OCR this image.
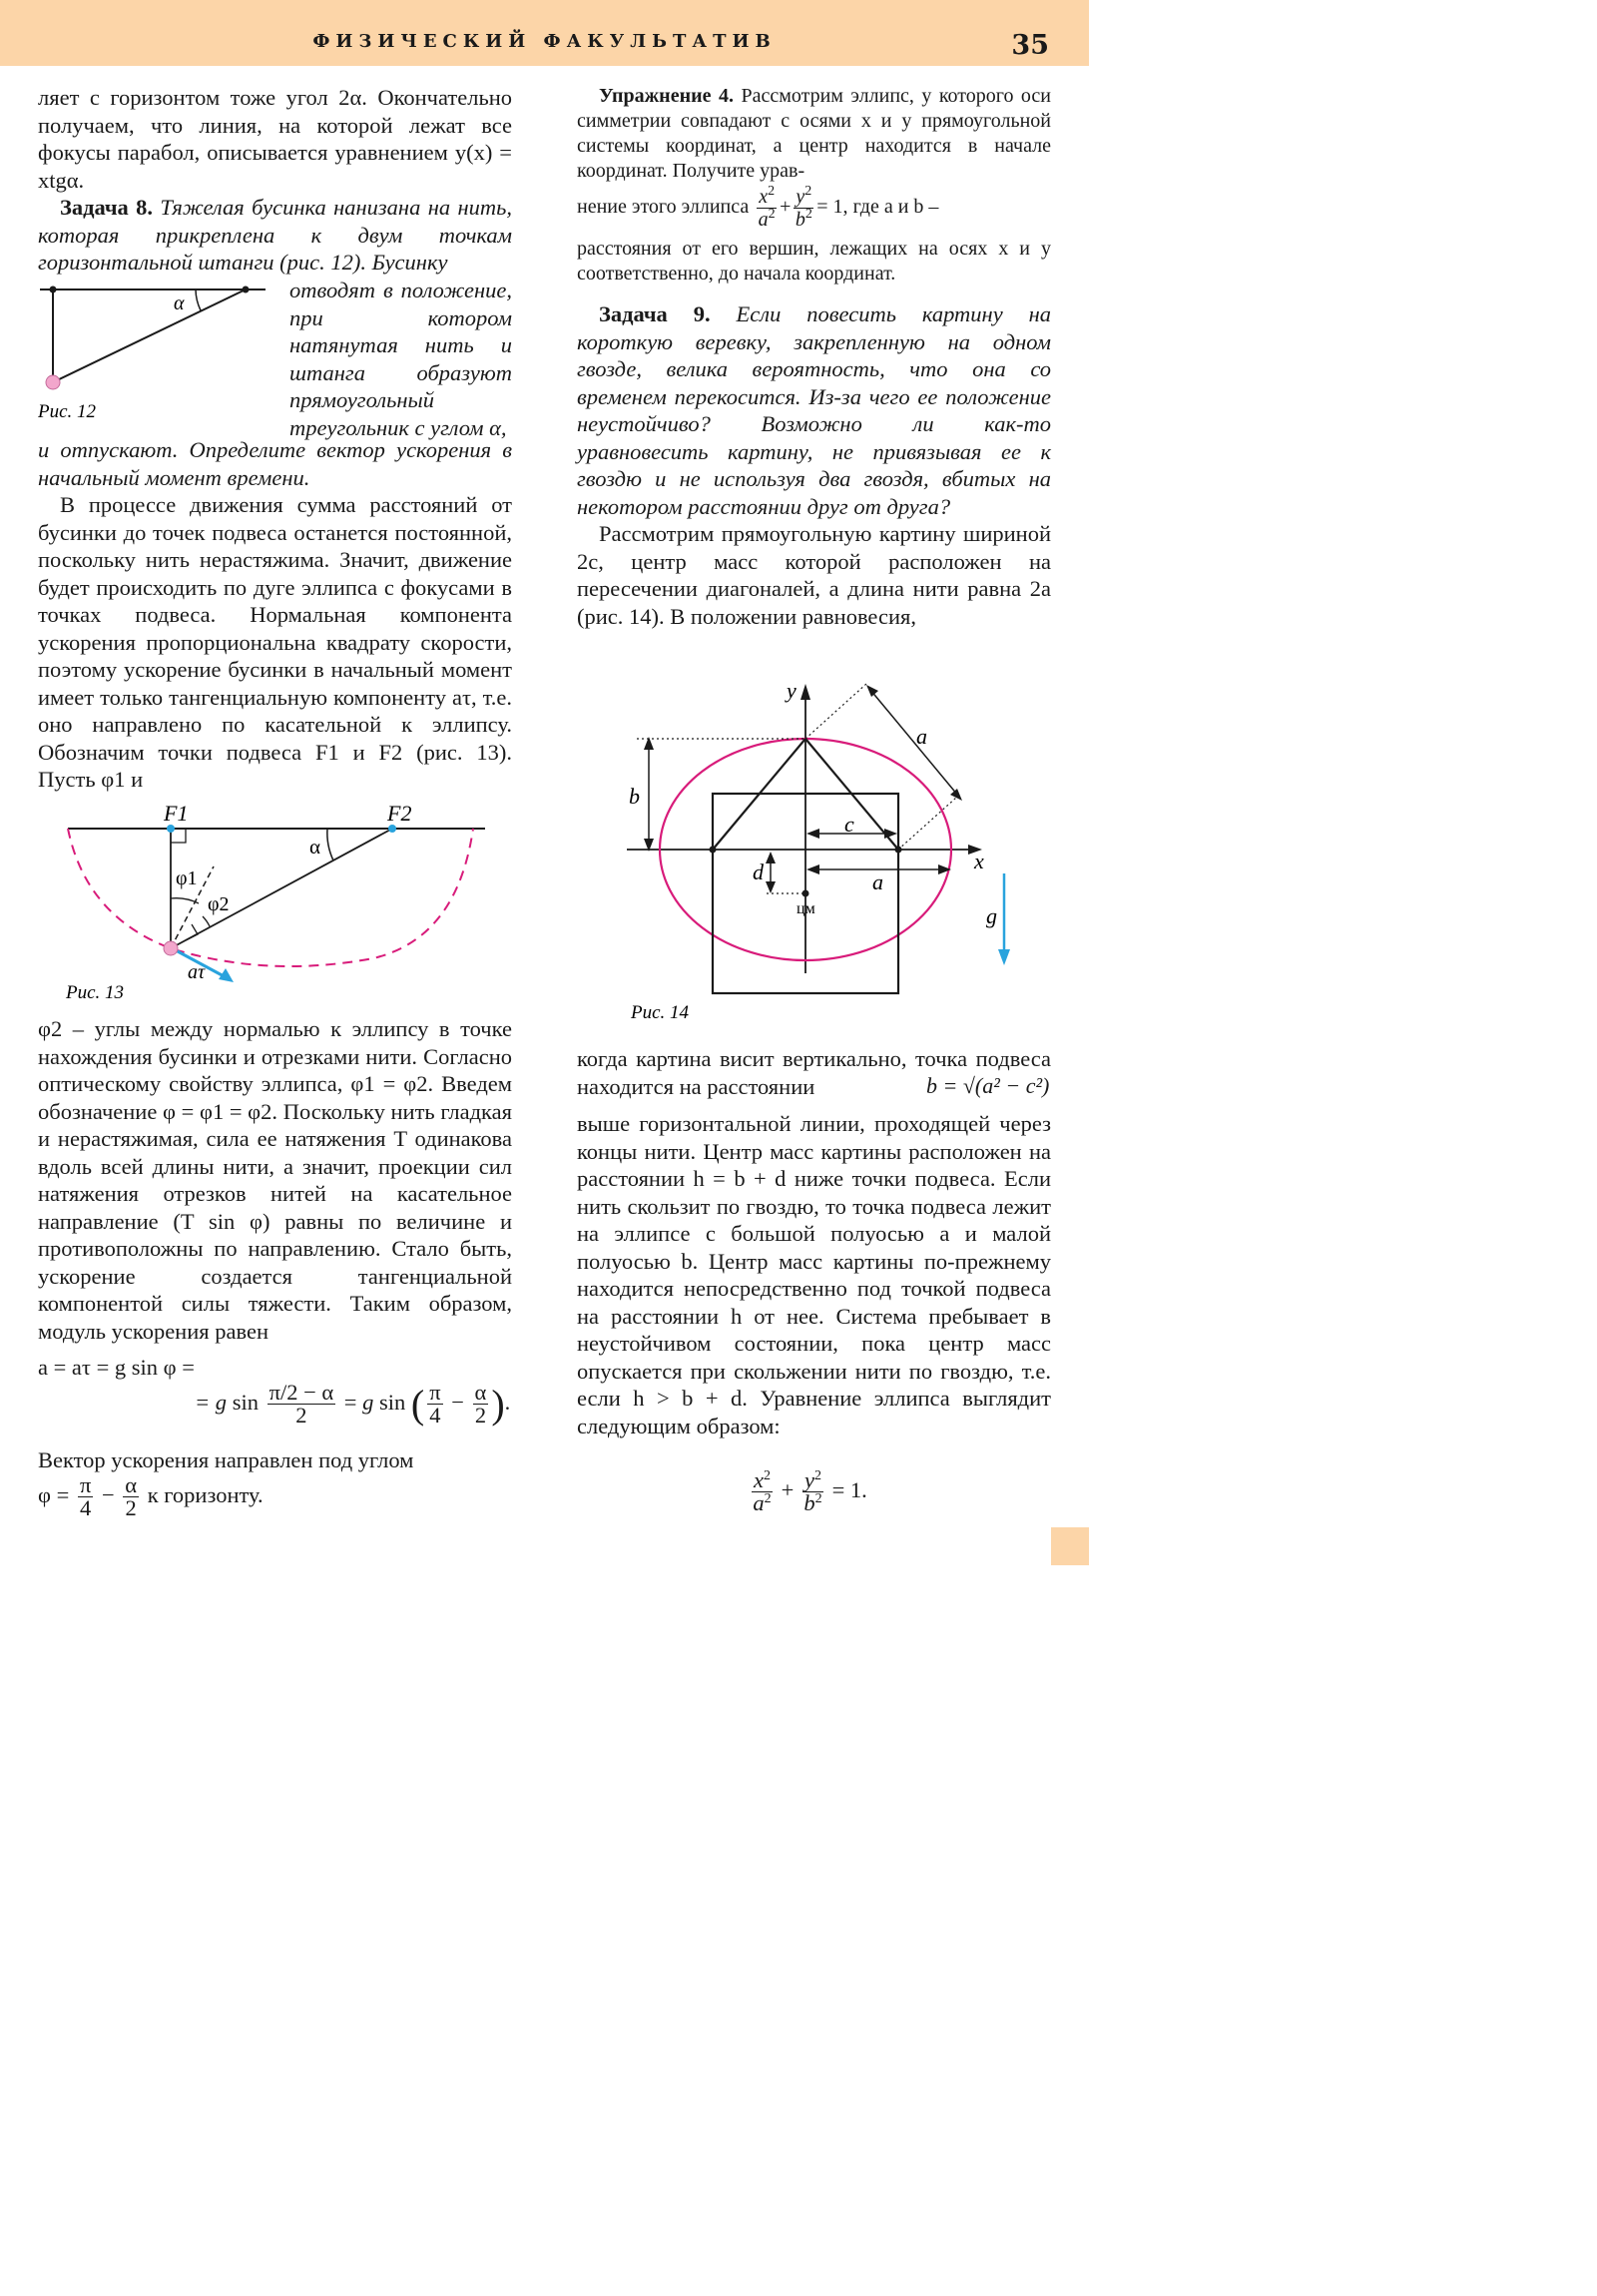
ФИЗИЧЕСКИЙ ФАКУЛЬТАТИВ	35

ляет с горизонтом тоже угол 2α. Окончательно получаем, что линия, на которой лежат все фокусы парабол, описывается уравнением y(x) = xtgα.

Задача 8. Тяжелая бусинка нанизана на нить, которая прикреплена к двум точкам горизонтальной штанги (рис. 12). Бусинку

α
Рис. 12

отводят в положение, при котором натянутая нить и штанга образуют прямоугольный треугольник с углом α,

и отпускают. Определите вектор ускорения в начальный момент времени.

В процессе движения сумма расстояний от бусинки до точек подвеса останется постоянной, поскольку нить нерастяжима. Значит, движение будет происходить по дуге эллипса с фокусами в точках подвеса. Нормальная компонента ускорения пропорциональна квадрату скорости, поэтому ускорение бусинки в начальный момент имеет только тангенциальную компоненту aτ, т.е. оно направлено по касательной к эллипсу. Обозначим точки подвеса F1 и F2 (рис. 13). Пусть φ1 и

F1	F2
α
φ1
φ2
aτ
Рис. 13

φ2 – углы между нормалью к эллипсу в точке нахождения бусинки и отрезками нити. Согласно оптическому свойству эллипса, φ1 = φ2. Введем обозначение φ = φ1 = φ2. Поскольку нить гладкая и нерастяжимая, сила ее натяжения T одинакова вдоль всей длины нити, а значит, проекции сил натяжения отрезков нитей на касательное направление (T sin φ) равны по величине и противоположны по направлению. Стало быть, ускорение создается тангенциальной компонентой силы тяжести. Таким образом, модуль ускорения равен

a = aτ = g sin φ =
= g $\sin \frac{\pi/2 - \alpha}{2} = g$ sin ( $\frac{\pi}{4} - \frac{\alpha}{2}$ ).

Вектор ускорения направлен под углом

$\varphi = \frac{\pi}{4} - \frac{\alpha}{2}$ к горизонту.

Упражнение 4. Рассмотрим эллипс, у которого оси симметрии совпадают с осями x и y прямоугольной системы координат, а центр находится в начале координат. Получите урав-

нение этого эллипса $\frac{x^2}{a^2} + \frac{y^2}{b^2} = 1$, где a и b –

расстояния от его вершин, лежащих на осях x и y соответственно, до начала координат.

Задача 9. Если повесить картину на короткую веревку, закрепленную на одном гвозде, велика вероятность, что она со временем перекосится. Из-за чего ее положение неустойчиво? Возможно ли как-то уравновесить картину, не привязывая ее к гвоздю и не используя два гвоздя, вбитых на некотором расстоянии друг от друга?

Рассмотрим прямоугольную картину шириной 2c, центр масс которой расположен на пересечении диагоналей, а длина нити равна 2a (рис. 14). В положении равновесия,

y
x
a
b
c
a
d
цм	g
Рис. 14

когда картина висит вертикально, точка подвеса находится на расстоянии	b = √(a² − c²)

выше горизонтальной линии, проходящей через концы нити. Центр масс картины расположен на расстоянии h = b + d ниже точки подвеса. Если нить скользит по гвоздю, то точка подвеса лежит на эллипсе с большой полуосью a и малой полуосью b. Центр масс картины по-прежнему находится непосредственно под точкой подвеса на расстоянии h от нее. Система пребывает в неустойчивом состоянии, пока центр масс опускается при скольжении нити по гвоздю, т.е. если h > b + d. Уравнение эллипса выглядит следующим образом:

$\frac{x^2}{a^2} + \frac{y^2}{b^2} = 1$.
